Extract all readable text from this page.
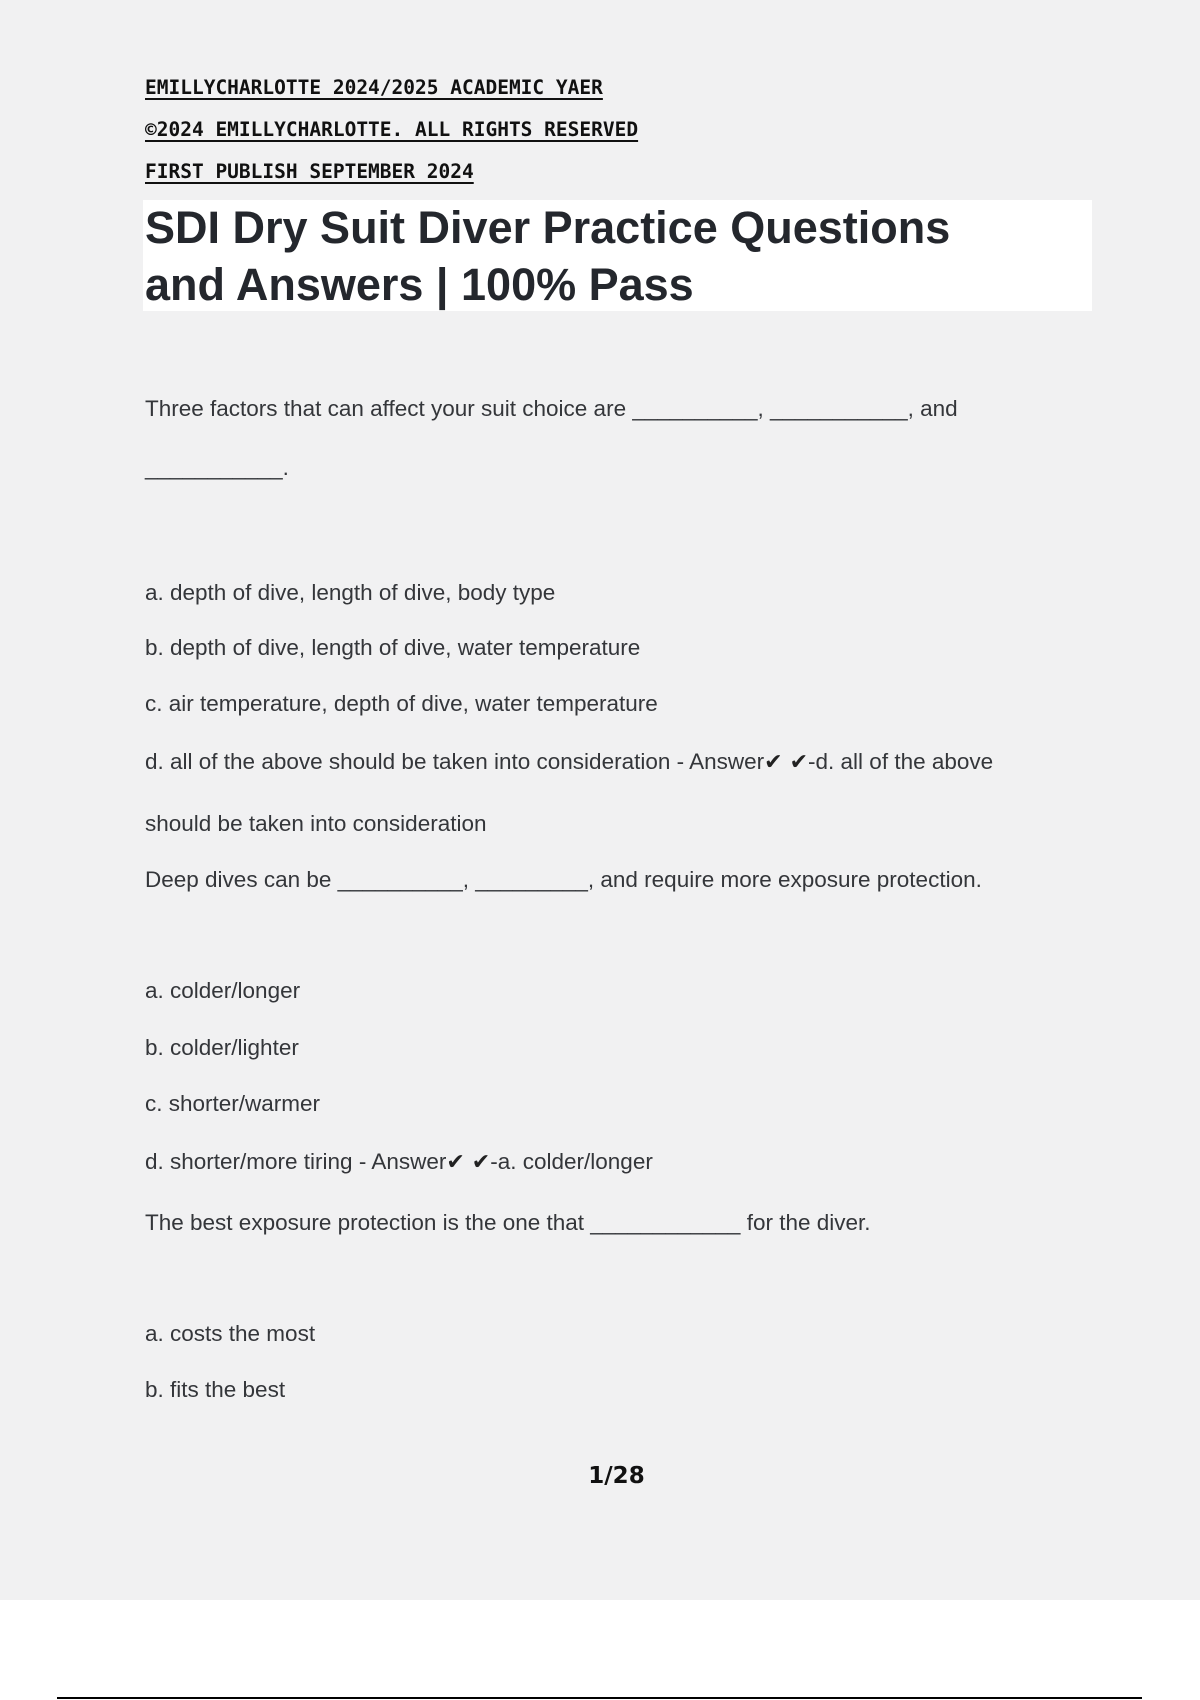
EMILLYCHARLOTTE 2024/2025 ACADEMIC YAER
©2024 EMILLYCHARLOTTE. ALL RIGHTS RESERVED
FIRST PUBLISH SEPTEMBER 2024
SDI Dry Suit Diver Practice Questions
and Answers | 100% Pass
Three factors that can affect your suit choice are __________, ___________, and
___________.
a. depth of dive, length of dive, body type
b. depth of dive, length of dive, water temperature
c. air temperature, depth of dive, water temperature
d. all of the above should be taken into consideration - Answer✔ ✔-d. all of the above
should be taken into consideration
Deep dives can be __________, _________, and require more exposure protection.
a. colder/longer
b. colder/lighter
c. shorter/warmer
d. shorter/more tiring - Answer✔ ✔-a. colder/longer
The best exposure protection is the one that ____________ for the diver.
a. costs the most
b. fits the best
1/28
